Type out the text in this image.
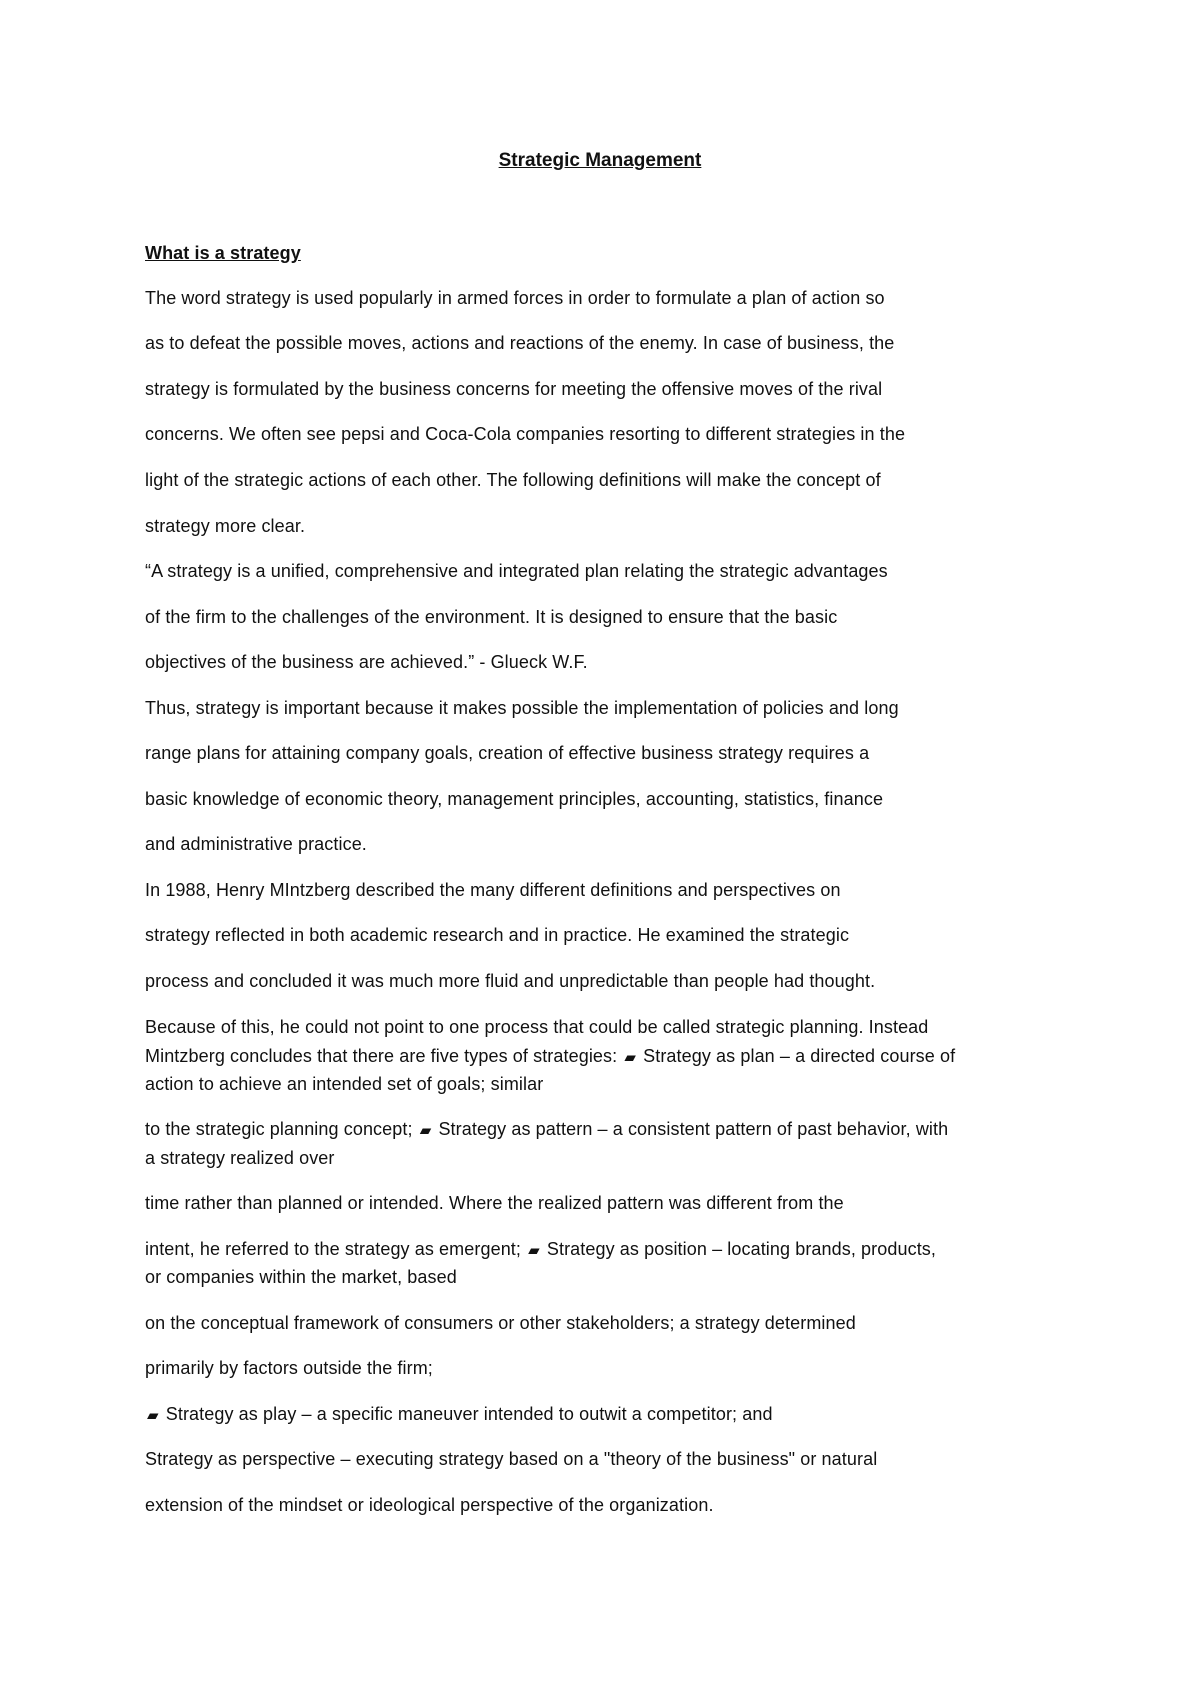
Strategic Management
What is a strategy
The word strategy is used popularly in armed forces in order to formulate a plan of action so
as to defeat the possible moves, actions and reactions of the enemy. In case of business, the
strategy is formulated by the business concerns for meeting the offensive moves of the rival
concerns. We often see pepsi and Coca-Cola companies resorting to different strategies in the
light of the strategic actions of each other. The following definitions will make the concept of
strategy more clear.
“A strategy is a unified, comprehensive and integrated plan relating the strategic advantages
of the firm to the challenges of the environment. It is designed to ensure that the basic
objectives of the business are achieved.” - Glueck W.F.
Thus, strategy is important because it makes possible the implementation of policies and long
range plans for attaining company goals, creation of effective business strategy requires a
basic knowledge of economic theory, management principles, accounting, statistics, finance
and administrative practice.
In 1988, Henry MIntzberg described the many different definitions and perspectives on
strategy reflected in both academic research and in practice. He examined the strategic
process and concluded it was much more fluid and unpredictable than people had thought.
Because of this, he could not point to one process that could be called strategic planning. Instead
Mintzberg concludes that there are five types of strategies: ▰ Strategy as plan – a directed course of
action to achieve an intended set of goals; similar
to the strategic planning concept; ▰ Strategy as pattern – a consistent pattern of past behavior, with
a strategy realized over
time rather than planned or intended. Where the realized pattern was different from the
intent, he referred to the strategy as emergent; ▰ Strategy as position – locating brands, products,
or companies within the market, based
on the conceptual framework of consumers or other stakeholders; a strategy determined
primarily by factors outside the firm;
▰ Strategy as play – a specific maneuver intended to outwit a competitor; and
Strategy as perspective – executing strategy based on a "theory of the business" or natural
extension of the mindset or ideological perspective of the organization.
